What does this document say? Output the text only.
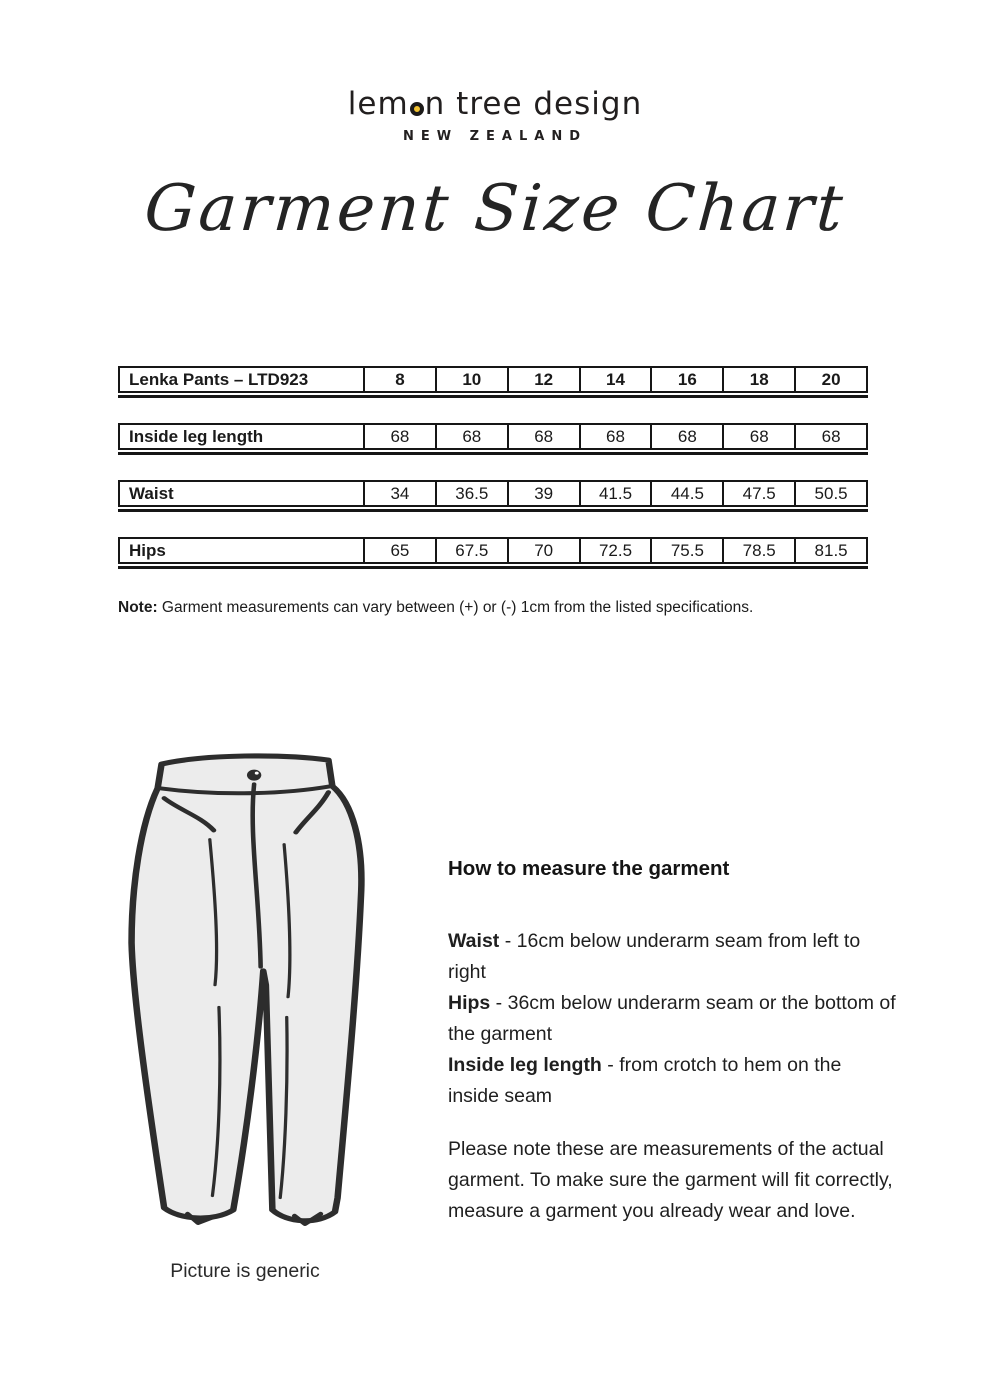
lem n tree design
NEW ZEALAND
Garment Size Chart
Lenka Pants – LTD923	8	10	12	14	16	18	20
Inside leg length	68	68	68	68	68	68	68
Waist	34	36.5	39	41.5	44.5	47.5	50.5
Hips	65	67.5	70	72.5	75.5	78.5	81.5
Note: Garment measurements can vary between (+) or (-) 1cm from the listed specifications.
Picture is generic
How to measure the garment
Waist - 16cm below underarm seam from left to right
Hips - 36cm below underarm seam or the bottom of the garment
Inside leg length - from crotch to hem on the inside seam
Please note these are measurements of the actual garment. To make sure the garment will fit correctly, measure a garment you already wear and love.
